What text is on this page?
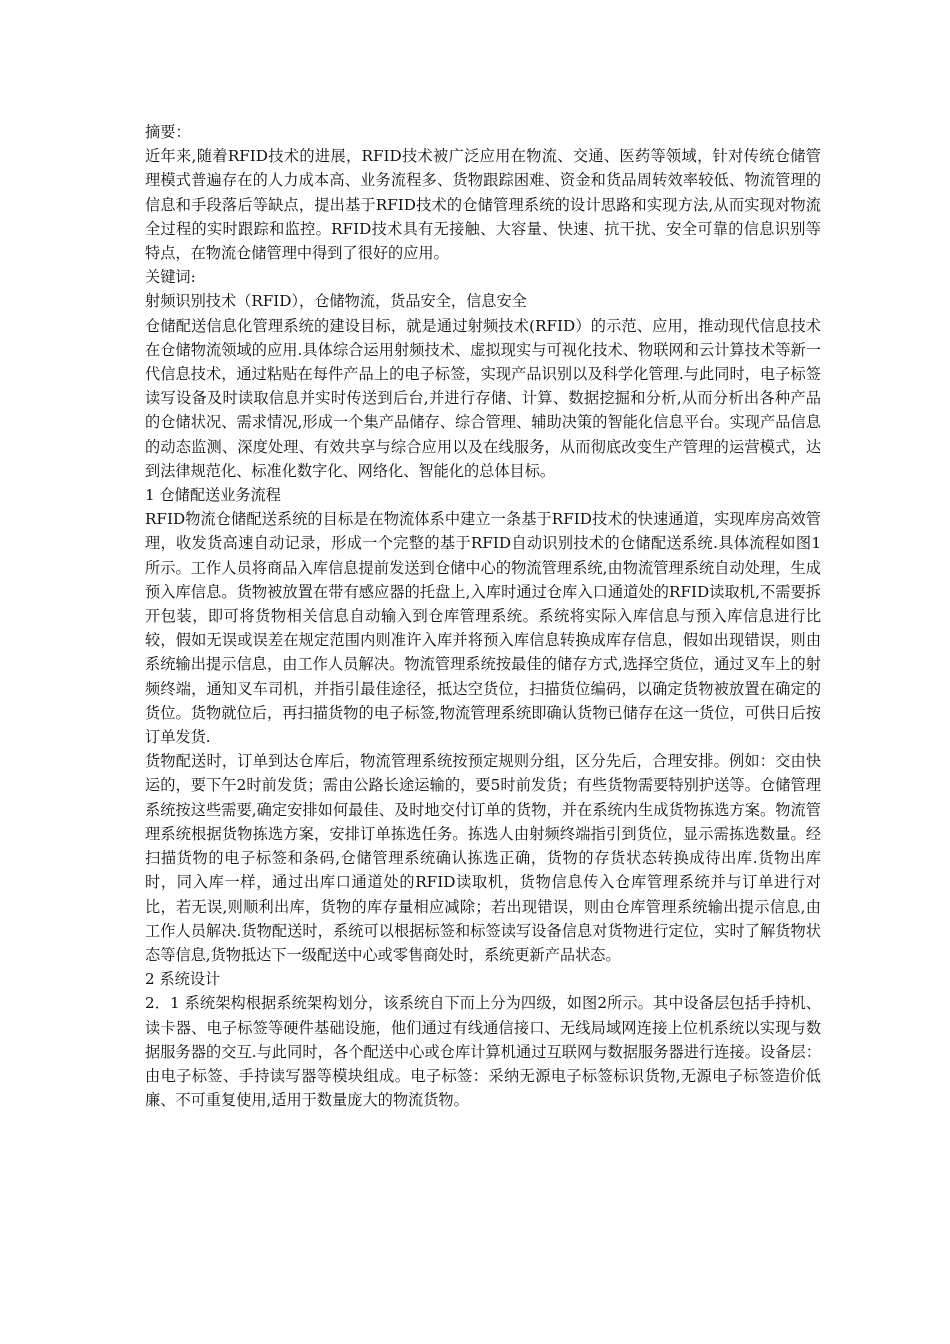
摘要：

近年来,随着RFID技术的进展，RFID技术被广泛应用在物流、交通、医药等领域，针对传统仓储管理模式普遍存在的人力成本高、业务流程多、货物跟踪困难、资金和货品周转效率较低、物流管理的信息和手段落后等缺点，提出基于RFID技术的仓储管理系统的设计思路和实现方法,从而实现对物流全过程的实时跟踪和监控。RFID技术具有无接触、大容量、快速、抗干扰、安全可靠的信息识别等特点，在物流仓储管理中得到了很好的应用。

关键词:

射频识别技术（RFID），仓储物流，货品安全，信息安全

仓储配送信息化管理系统的建设目标，就是通过射频技术(RFID）的示范、应用，推动现代信息技术在仓储物流领域的应用.具体综合运用射频技术、虚拟现实与可视化技术、物联网和云计算技术等新一代信息技术，通过粘贴在每件产品上的电子标签，实现产品识别以及科学化管理.与此同时，电子标签读写设备及时读取信息并实时传送到后台,并进行存储、计算、数据挖掘和分析,从而分析出各种产品的仓储状况、需求情况,形成一个集产品储存、综合管理、辅助决策的智能化信息平台。实现产品信息的动态监测、深度处理、有效共享与综合应用以及在线服务，从而彻底改变生产管理的运营模式，达到法律规范化、标准化数字化、网络化、智能化的总体目标。

1 仓储配送业务流程

RFID物流仓储配送系统的目标是在物流体系中建立一条基于RFID技术的快速通道，实现库房高效管理，收发货高速自动记录，形成一个完整的基于RFID自动识别技术的仓储配送系统.具体流程如图1所示。工作人员将商品入库信息提前发送到仓储中心的物流管理系统,由物流管理系统自动处理，生成预入库信息。货物被放置在带有感应器的托盘上,入库时通过仓库入口通道处的RFID读取机,不需要拆开包装，即可将货物相关信息自动输入到仓库管理系统。系统将实际入库信息与预入库信息进行比较，假如无误或误差在规定范围内则准许入库并将预入库信息转换成库存信息，假如出现错误，则由系统输出提示信息，由工作人员解决。物流管理系统按最佳的储存方式,选择空货位，通过叉车上的射频终端，通知叉车司机，并指引最佳途径，抵达空货位，扫描货位编码，以确定货物被放置在确定的货位。货物就位后，再扫描货物的电子标签,物流管理系统即确认货物已储存在这一货位，可供日后按订单发货.

货物配送时，订单到达仓库后，物流管理系统按预定规则分组，区分先后，合理安排。例如：交由快运的，要下午2时前发货；需由公路长途运输的，要5时前发货；有些货物需要特别护送等。仓储管理系统按这些需要,确定安排如何最佳、及时地交付订单的货物，并在系统内生成货物拣选方案。物流管理系统根据货物拣选方案，安排订单拣选任务。拣选人由射频终端指引到货位，显示需拣选数量。经扫描货物的电子标签和条码,仓储管理系统确认拣选正确，货物的存货状态转换成待出库.货物出库时，同入库一样，通过出库口通道处的RFID读取机，货物信息传入仓库管理系统并与订单进行对比，若无误,则顺利出库，货物的库存量相应减除；若出现错误，则由仓库管理系统输出提示信息,由工作人员解决.货物配送时，系统可以根据标签和标签读写设备信息对货物进行定位，实时了解货物状态等信息,货物抵达下一级配送中心或零售商处时，系统更新产品状态。

2 系统设计

2．1 系统架构根据系统架构划分，该系统自下而上分为四级，如图2所示。其中设备层包括手持机、读卡器、电子标签等硬件基础设施，他们通过有线通信接口、无线局域网连接上位机系统以实现与数据服务器的交互.与此同时，各个配送中心或仓库计算机通过互联网与数据服务器进行连接。设备层：由电子标签、手持读写器等模块组成。电子标签：采纳无源电子标签标识货物,无源电子标签造价低廉、不可重复使用,适用于数量庞大的物流货物。
